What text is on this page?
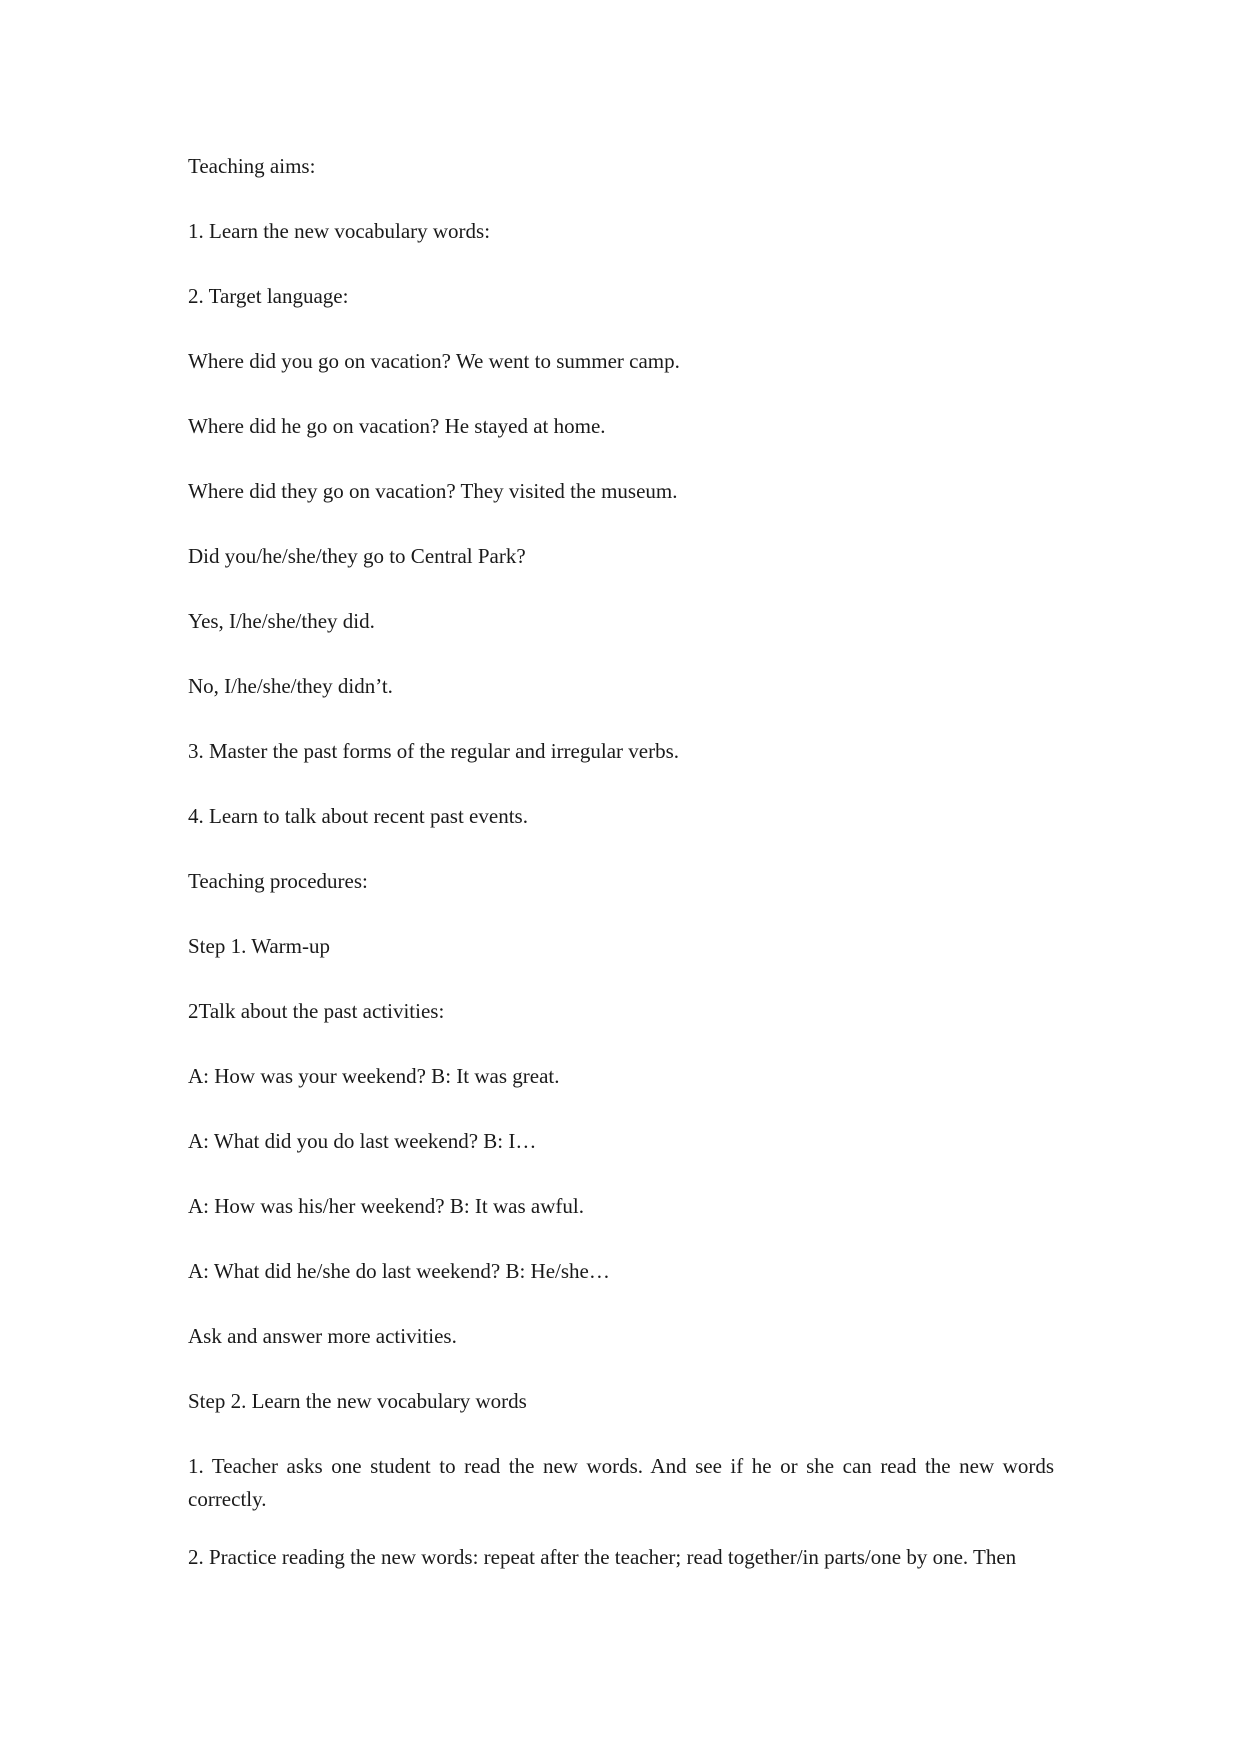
Teaching aims:
1. Learn the new vocabulary words:
2. Target language:
Where did you go on vacation? We went to summer camp.
Where did he go on vacation? He stayed at home.
Where did they go on vacation? They visited the museum.
Did you/he/she/they go to Central Park?
Yes, I/he/she/they did.
No, I/he/she/they didn’t.
3. Master the past forms of the regular and irregular verbs.
4. Learn to talk about recent past events.
Teaching procedures:
Step 1. Warm-up
2Talk about the past activities:
A: How was your weekend? B: It was great.
A: What did you do last weekend? B: I…
A: How was his/her weekend? B: It was awful.
A: What did he/she do last weekend? B: He/she…
Ask and answer more activities.
Step 2. Learn the new vocabulary words
1. Teacher asks one student to read the new words. And see if he or she can read the new words correctly.
2. Practice reading the new words: repeat after the teacher; read together/in parts/one by one. Then
